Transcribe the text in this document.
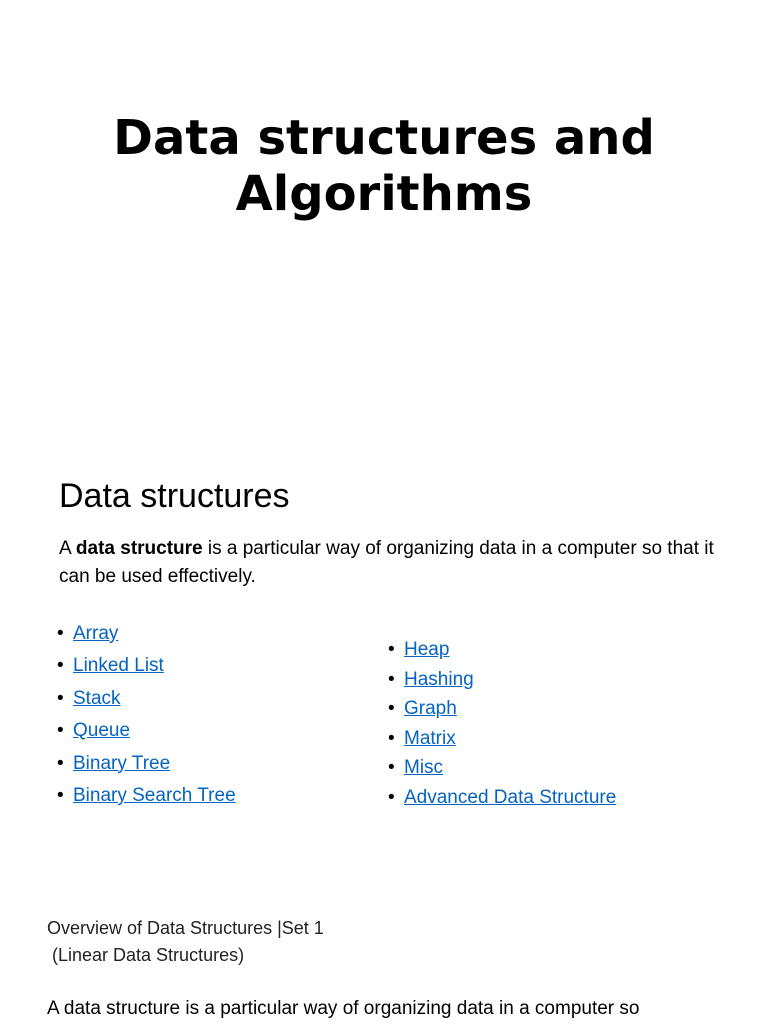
Data structures and
Algorithms
Data structures

A data structure is a particular way of organizing data in a computer so that it can be used effectively.

• Array
• Linked List
• Stack
• Queue
• Binary Tree
• Binary Search Tree
• Heap
• Hashing
• Graph
• Matrix
• Misc
• Advanced Data Structure

Overview of Data Structures |Set 1
(Linear Data Structures)

A data structure is a particular way of organizing data in a computer so
